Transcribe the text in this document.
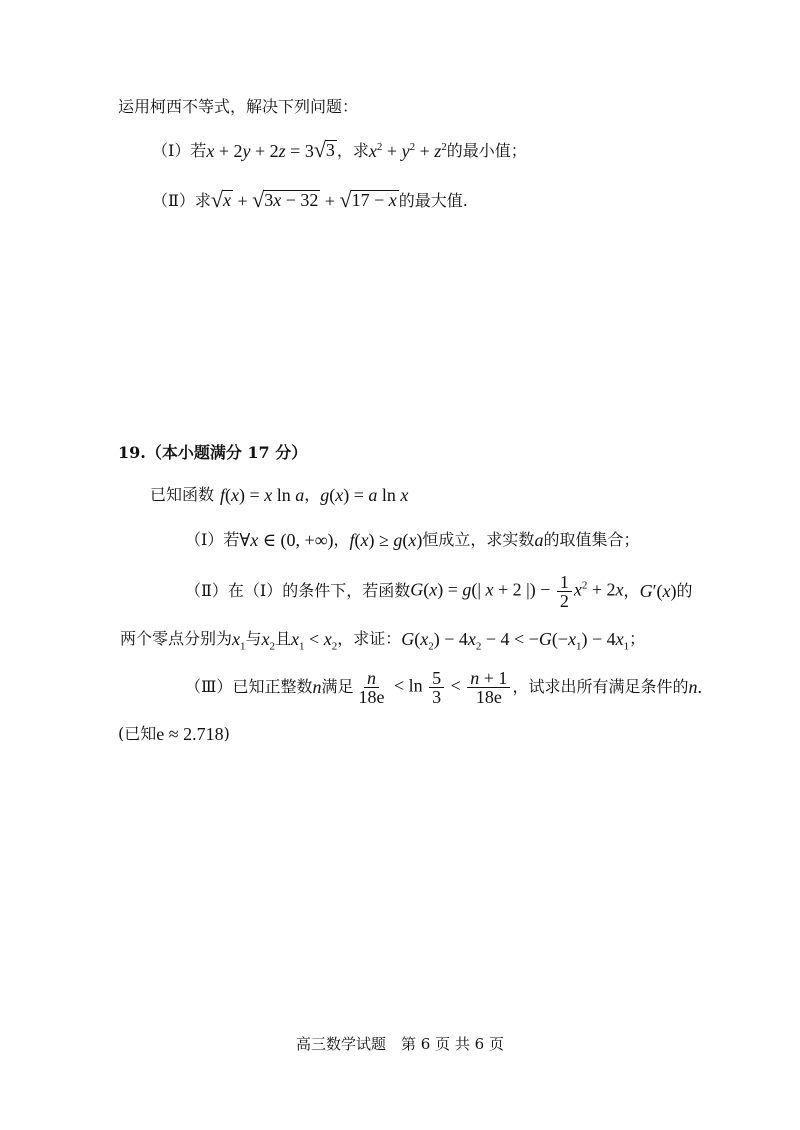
运用柯西不等式，解决下列问题：
（Ⅰ） 若 x + 2y + 2z = 3 √ 3 ，求 $x^2 + y^2 + z^2$ 的最小值；
（Ⅱ） 求 √ x + √ 3x − 32 + √ 17 − x 的最大值.
19.（本小题满分 17 分）
已知函数 f(x) = x ln a ， g(x) = a ln x
（Ⅰ） 若 ∀x ∈ (0, +∞) ， f(x) ≥ g(x) 恒成立，求实数 a 的取值集合；
（Ⅱ） 在（Ⅰ）的条件下，若函数 G(x) = g(| x + 2 |) − $\frac{1}{2} x^2 + 2x$ ， G′(x) 的
两个零点分别为 $x_1$ 与 $x_2$ 且 $x_1 < x_2$ ，求证： $G(x_2) - 4x_2 - 4 < -G(-x_1) - 4x_1$ ；
（Ⅲ） 已知正整数 n 满足 $\frac{n}{18e} < \ln \frac{5}{3} < \frac{n + 1}{18e}$ ，试求出所有满足条件的 n .
(已知 e ≈ 2.718 )
高三数学试题　第 6 页 共 6 页
